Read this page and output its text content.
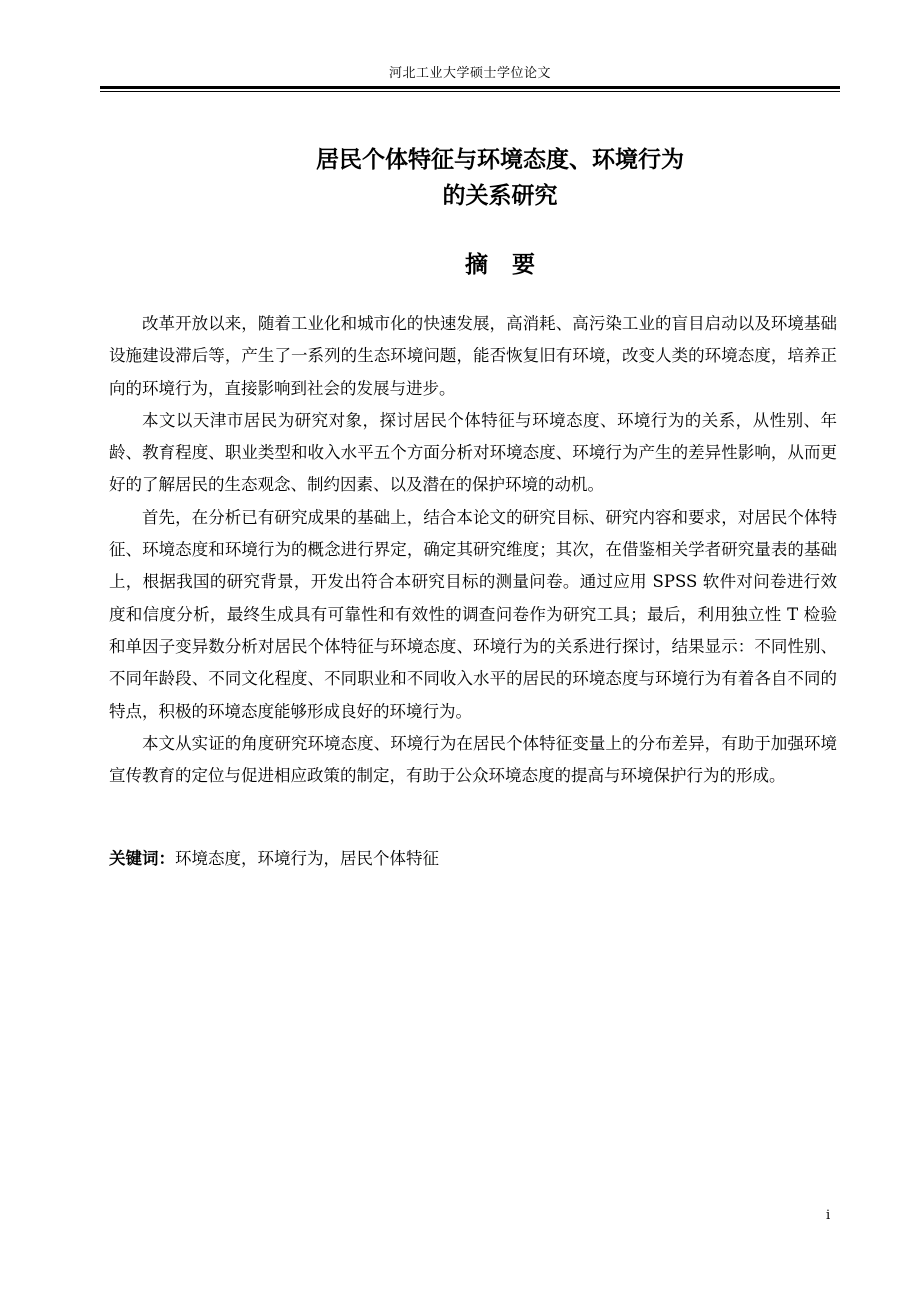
河北工业大学硕士学位论文
居民个体特征与环境态度、环境行为
的关系研究
摘要

改革开放以来，随着工业化和城市化的快速发展，高消耗、高污染工业的盲目启动以及环境基础设施建设滞后等，产生了一系列的生态环境问题，能否恢复旧有环境，改变人类的环境态度，培养正向的环境行为，直接影响到社会的发展与进步。

本文以天津市居民为研究对象，探讨居民个体特征与环境态度、环境行为的关系，从性别、年龄、教育程度、职业类型和收入水平五个方面分析对环境态度、环境行为产生的差异性影响，从而更好的了解居民的生态观念、制约因素、以及潜在的保护环境的动机。

首先，在分析已有研究成果的基础上，结合本论文的研究目标、研究内容和要求，对居民个体特征、环境态度和环境行为的概念进行界定，确定其研究维度；其次，在借鉴相关学者研究量表的基础上，根据我国的研究背景，开发出符合本研究目标的测量问卷。通过应用 SPSS 软件对问卷进行效度和信度分析，最终生成具有可靠性和有效性的调查问卷作为研究工具；最后，利用独立性 T 检验和单因子变异数分析对居民个体特征与环境态度、环境行为的关系进行探讨，结果显示：不同性别、不同年龄段、不同文化程度、不同职业和不同收入水平的居民的环境态度与环境行为有着各自不同的特点，积极的环境态度能够形成良好的环境行为。

本文从实证的角度研究环境态度、环境行为在居民个体特征变量上的分布差异，有助于加强环境宣传教育的定位与促进相应政策的制定，有助于公众环境态度的提高与环境保护行为的形成。

关键词：环境态度，环境行为，居民个体特征
i
